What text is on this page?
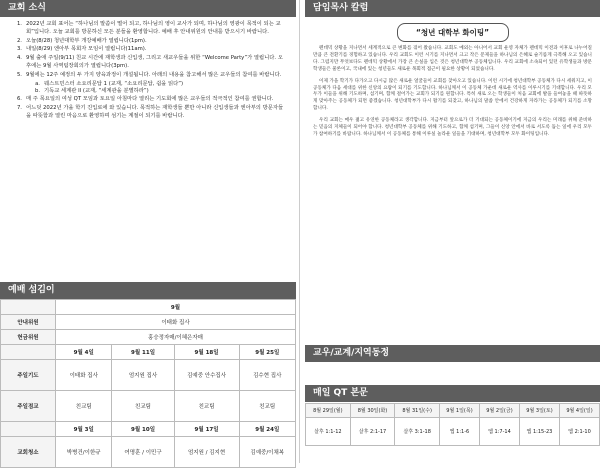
교회 소식
1. 2022년 교회 표어는 “하나님의 말씀이 떨어 되고, 하나님의 영이 교사가 되며, 하나님의 영광이 목적이 되는 교회”입니다. 오늘 교회를 방문하신 모든 분들을 환영합니다. 예배 후 안내위원의 안내를 받으시기 바랍니다.
2. 오늘(8/28) 청년대학부 개강예배가 열립니다(1pm).
3. 내일(8/29) 엔아부 목회자 모임이 열립니다(11am).
4. 9월 출애 주일(9/11) 친교 시간에 재학생과 신입생, 그리고 새교우들을 위한 “Welcome Party”가 열립니다. 오후에는 9월 사역팀장회의가 열립니다(3pm).
5. 9월에는 12주 예정의 두 가지 양육과정이 개설됩니다. 아래의 내용을 참고해서 많은 교우들의 참여를 바랍니다.
a. 웨스트민스터 소요리문답 1 (교재, “소요리문답, 쉽을 읽다”)
b. 기독교 세계관 II (교재, “세계관을 분별하라”)
6. 매 주 목요일의 여성 QT 모임과 토요일 아침마다 열리는 기도회에 많은 교우들의 적극적인 참여를 권합니다.
7. 어느덧 2022년 가을 학기 진입로에 와 있습니다. 목적하는 재학생들 뿐만 아니라 신입생들과 엔아부의 방문자들을 따뜻함과 열린 마음으로 환영하며 섬기는 계절이 되기를 바랍니다.
예배 섬김이
	9월			
안내위원	이태화 집사			
헌금위원	홍승정자매/이혜은자매			
	9월 4일	9월 11일	9월 18일	9월 25일
주일기도	이태화 집사	엄지원 집사	김예중 안수집사	김수현 집사
주일점교	친교팀	친교팀	친교팀	친교팀
	9월 3일	9월 10일	9월 17일	9월 24일
교회청소	박병건/이한규	여명훈 / 이민구	엄지원 / 김지현	김예중/이채복
담임목사 칼럼
“청년 대학부 화이팅”

펜데믹 상황을 지나면서 세계적으로 큰 변화를 겪어 왔습니다. 교회도 예외는 아니어서 교회 운영 자체가 펜데믹 이전과 이후로 나누어질 만큼 큰 전환기를 경험하고 있습니다. 우리 교회도 이런 시기를 지나면서 크고 작은 문제들을 하나님의 은혜로 슬기롭게 극복해 오고 있습니다. 그럼지만 무엇보다도 펜데믹 상황에서 가장 큰 손실을 입은 것은 청년대학부 공동체입니다. 우리 교회에 소속되어 있던 유학생들과 방문 학생들은 물론이고, 국내에 있는 청년들도 새로운 목회적 접근이 필요한 상황이 되었습니다.

이제 가을 학기가 다가오고 다시금 많은 새로운 얼굴들이 교회를 찾아오고 있습니다. 이런 시기에 청년대학부 공동체가 다시 세워지고, 이 공동체가 다음 세대를 위한 신앙의 요람이 되기를 기도합니다. 하나님께서 이 공동체 가운데 새로운 역사를 이루시기를 기대합니다. 우리 모두가 이들을 위해 기도하며, 섬기며, 함께 걸어가는 교회가 되기를 원합니다. 특히 새로 오는 학생들이 처음 교회에 발을 들여놓을 때 따뜻하게 맞아주는 공동체가 되면 좋겠습니다. 청년대학부가 다시 활기를 되찾고, 하나님의 말씀 안에서 건강하게 자라가는 공동체가 되기를 소망합니다.

우리 교회는 매우 젊고 유연한 공동체라고 생각합니다. 지금부터 앞으로가 더 기대되는 공동체이기에 지금의 우리는 미래를 위해 준비하는 믿음의 지체들이 되어야 합니다. 청년대학부 공동체를 위해 기도하고, 함께 섬기며, 그들이 신앙 안에서 바로 서도록 돕는 일에 우리 모두가 참여하기를 바랍니다. 하나님께서 이 공동체를 통해 이루실 놀라운 일들을 기대하며, 청년대학부 모두 화이팅입니다.

교우/교계/지역동정
매일 QT 본문
8월 29일(월)	8월 30일(화)	8월 31일(수)	9월 1일(목)	9월 2일(금)	9월 3일(토)	9월 4일(일)
살후 1:1-12	살후 2:1-17	살후 3:1-18	엡 1:1-6	엡 1:7-14	엡 1:15-23	엡 2:1-10
